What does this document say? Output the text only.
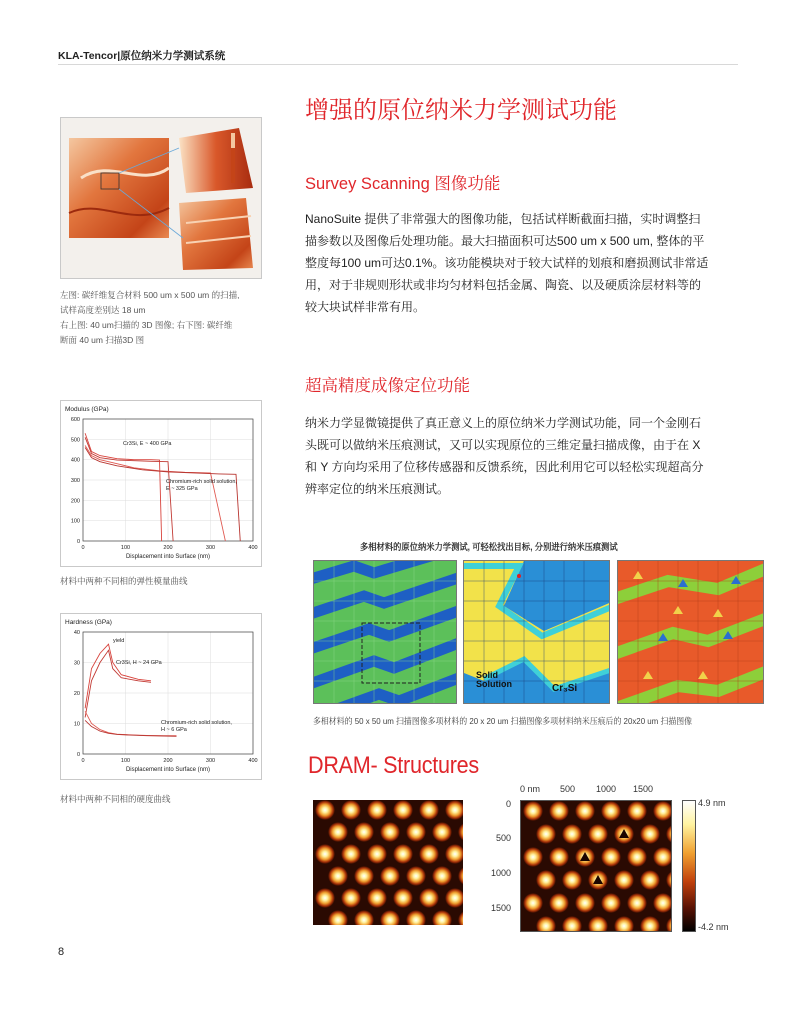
KLA-Tencor|原位纳米力学测试系统
增强的原位纳米力学测试功能
Survey Scanning 图像功能
NanoSuite 提供了非常强大的图像功能，包括试样断截面扫描，实时调整扫
描参数以及图像后处理功能。最大扫描面积可达500 um x 500 um, 整体的平
整度每100 um可达0.1%。该功能模块对于较大试样的划痕和磨损测试非常适
用，对于非规则形状或非均匀材料包括金属、陶瓷、以及硬质涂层材料等的
较大块试样非常有用。
超高精度成像定位功能
纳米力学显微镜提供了真正意义上的原位纳米力学测试功能，同一个金刚石
头既可以做纳米压痕测试，又可以实现原位的三维定量扫描成像，由于在 X
和 Y 方向均采用了位移传感器和反馈系统，因此利用它可以轻松实现超高分
辨率定位的纳米压痕测试。
左图: 碳纤维复合材料 500 um x 500 um 的扫描,
试样高度差别达 18 um
右上图: 40 um扫描的 3D 图像; 右下图: 碳纤维
断面 40 um 扫描3D 图
Modulus (GPa)
0
100
200
300
400
500
600
0	100	200	300	400
Displacement into Surface (nm)
Cr3Si, E ~ 400 GPa
Chromium-rich solid solution,
E ~ 325 GPa
材料中两种不同相的弹性模量曲线
Hardness (GPa)
0
10
20
30
40
0	100	200	300	400
Displacement into Surface (nm)
yield
Cr3Si, H ~ 24 GPa
Chromium-rich solid solution,
H ~ 6 GPa
材料中两种不同相的硬度曲线
多相材料的原位纳米力学测试, 可轻松找出目标, 分别进行纳米压痕测试
Solid
Solution	Cr₃Si
多相材料的 50 x 50 um 扫描图像多项材料的 20 x 20 um 扫描图像多项材料纳米压痕后的 20x20 um 扫描图像
DRAM- Structures
0 nm 500 1000 1500
0
500
1000
1500
4.9 nm
-4.2 nm
8
